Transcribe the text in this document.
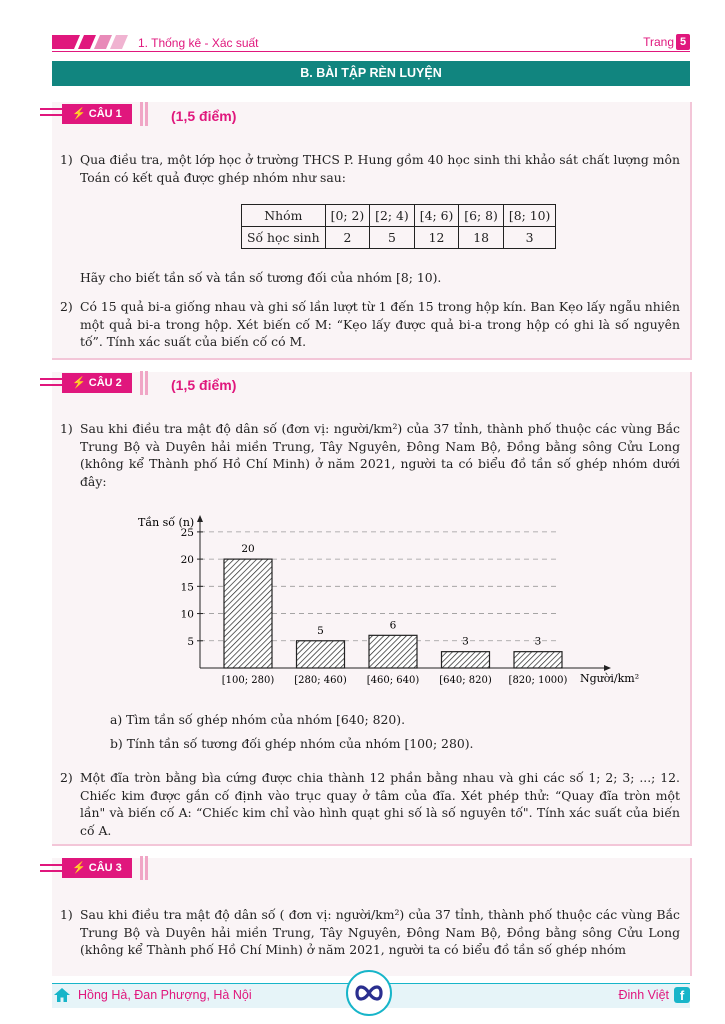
1. Thống kê - Xác suất	Trang 5
B. BÀI TẬP RÈN LUYỆN
⚡ CÂU 1	(1,5 điểm)
1) Qua điều tra, một lớp học ở trường THCS P. Hung gồm 40 học sinh thi khảo sát chất lượng môn Toán có kết quả được ghép nhóm như sau:
Nhóm	[0; 2)	[2; 4)	[4; 6)	[6; 8)	[8; 10)
Số học sinh	2	5	12	18	3
Hãy cho biết tần số và tần số tương đối của nhóm [8; 10).
2) Có 15 quả bi-a giống nhau và ghi số lần lượt từ 1 đến 15 trong hộp kín. Ban Kẹo lấy ngẫu nhiên một quả bi-a trong hộp. Xét biến cố M: “Kẹo lấy được quả bi-a trong hộp có ghi là số nguyên tố”. Tính xác suất của biến cố có M.
⚡ CÂU 2	(1,5 điểm)
1) Sau khi điều tra mật độ dân số (đơn vị: người/km²) của 37 tỉnh, thành phố thuộc các vùng Bắc Trung Bộ và Duyên hải miền Trung, Tây Nguyên, Đông Nam Bộ, Đồng bằng sông Cửu Long (không kể Thành phố Hồ Chí Minh) ở năm 2021, người ta có biểu đồ tần số ghép nhóm dưới đây:
Tần số (n)
Người/km²
5
10
15
20
25
20
[100; 280)
5
[280; 460)
6
[460; 640)
3
[640; 820)
3
[820; 1000)
a) Tìm tần số ghép nhóm của nhóm [640; 820).
b) Tính tần số tương đối ghép nhóm của nhóm [100; 280).
2) Một đĩa tròn bằng bìa cứng được chia thành 12 phần bằng nhau và ghi các số 1; 2; 3; ...; 12. Chiếc kim được gắn cố định vào trục quay ở tâm của đĩa. Xét phép thử: “Quay đĩa tròn một lần" và biến cố A: “Chiếc kim chỉ vào hình quạt ghi số là số nguyên tố". Tính xác suất của biến cố A.
⚡ CÂU 3
1) Sau khi điều tra mật độ dân số ( đơn vị: người/km²) của 37 tỉnh, thành phố thuộc các vùng Bắc Trung Bộ và Duyên hải miền Trung, Tây Nguyên, Đông Nam Bộ, Đồng bằng sông Cửu Long (không kể Thành phố Hồ Chí Minh) ở năm 2021, người ta có biểu đồ tần số ghép nhóm
Hồng Hà, Đan Phượng, Hà Nội	Đinh Việt f
